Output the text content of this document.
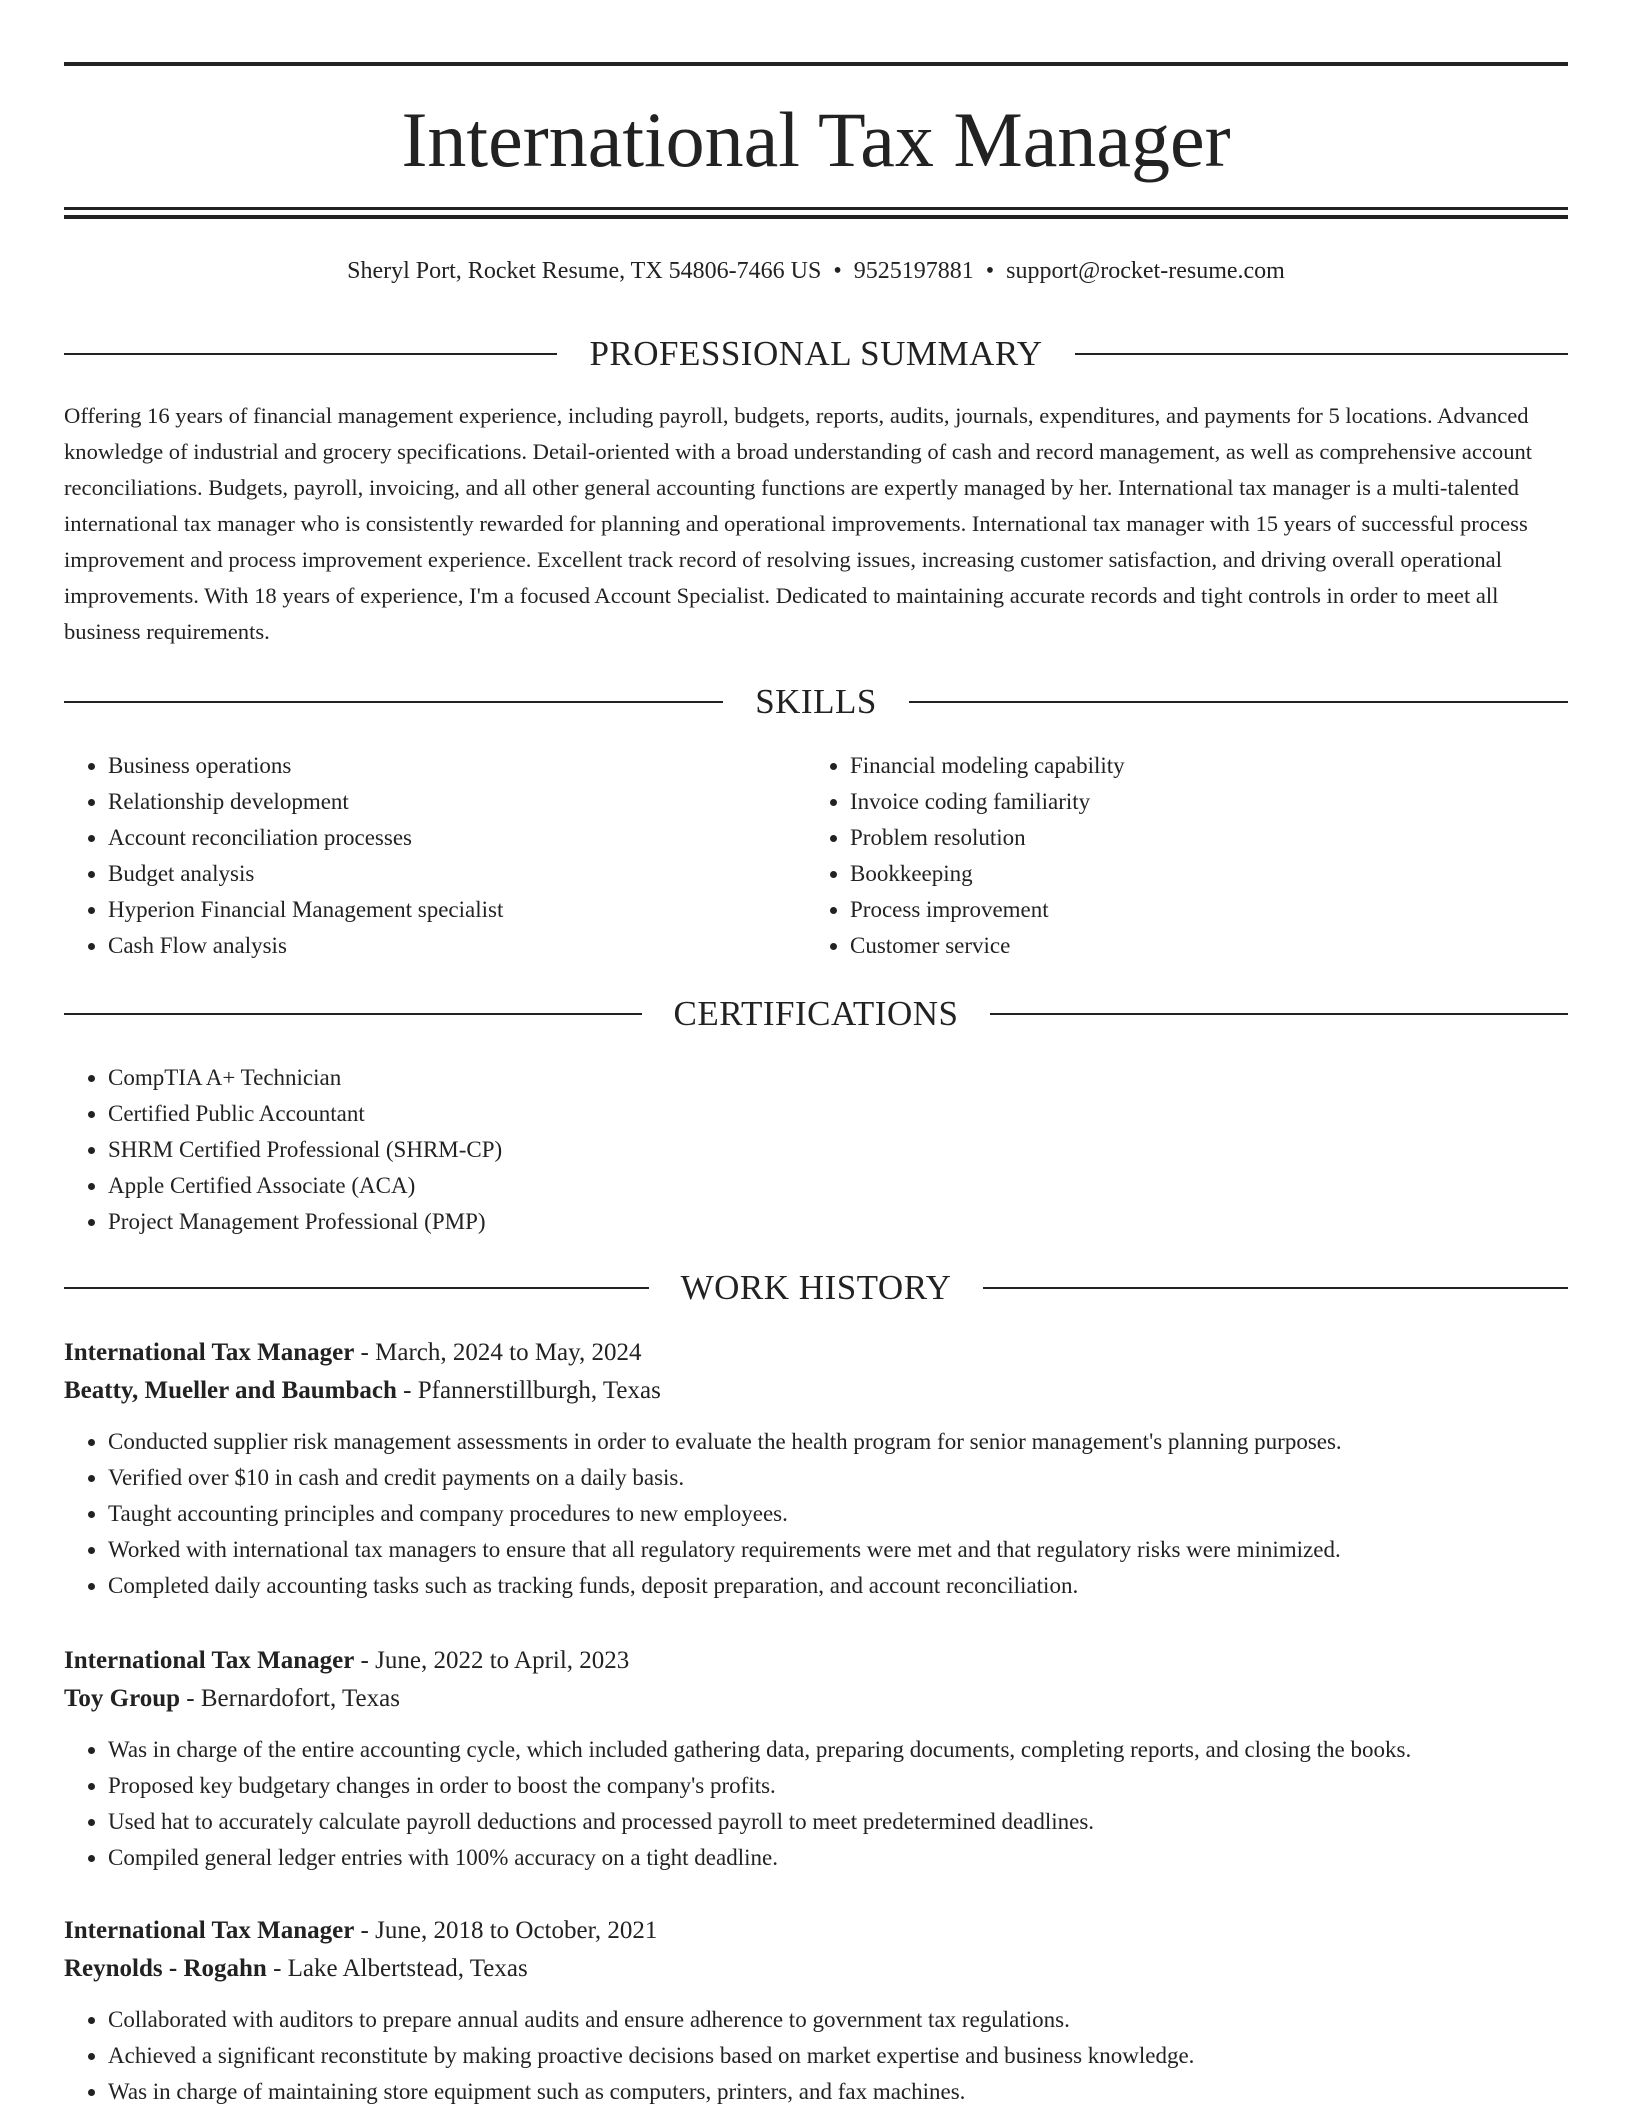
International Tax Manager
Sheryl Port, Rocket Resume, TX 54806-7466 US • 9525197881 • support@rocket-resume.com
PROFESSIONAL SUMMARY

Offering 16 years of financial management experience, including payroll, budgets, reports, audits, journals, expenditures, and payments for 5 locations. Advanced knowledge of industrial and grocery specifications. Detail-oriented with a broad understanding of cash and record management, as well as comprehensive account reconciliations. Budgets, payroll, invoicing, and all other general accounting functions are expertly managed by her. International tax manager is a multi-talented international tax manager who is consistently rewarded for planning and operational improvements. International tax manager with 15 years of successful process improvement and process improvement experience. Excellent track record of resolving issues, increasing customer satisfaction, and driving overall operational improvements. With 18 years of experience, I'm a focused Account Specialist. Dedicated to maintaining accurate records and tight controls in order to meet all business requirements.

SKILLS
• Business operations
• Relationship development
• Account reconciliation processes
• Budget analysis
• Hyperion Financial Management specialist
• Cash Flow analysis
• Financial modeling capability
• Invoice coding familiarity
• Problem resolution
• Bookkeeping
• Process improvement
• Customer service
CERTIFICATIONS
• CompTIA A+ Technician
• Certified Public Accountant
• SHRM Certified Professional (SHRM-CP)
• Apple Certified Associate (ACA)
• Project Management Professional (PMP)
WORK HISTORY
International Tax Manager - March, 2024 to May, 2024
Beatty, Mueller and Baumbach - Pfannerstillburgh, Texas
• Conducted supplier risk management assessments in order to evaluate the health program for senior management's planning purposes.
• Verified over $10 in cash and credit payments on a daily basis.
• Taught accounting principles and company procedures to new employees.
• Worked with international tax managers to ensure that all regulatory requirements were met and that regulatory risks were minimized.
• Completed daily accounting tasks such as tracking funds, deposit preparation, and account reconciliation.
International Tax Manager - June, 2022 to April, 2023
Toy Group - Bernardofort, Texas
• Was in charge of the entire accounting cycle, which included gathering data, preparing documents, completing reports, and closing the books.
• Proposed key budgetary changes in order to boost the company's profits.
• Used hat to accurately calculate payroll deductions and processed payroll to meet predetermined deadlines.
• Compiled general ledger entries with 100% accuracy on a tight deadline.
International Tax Manager - June, 2018 to October, 2021
Reynolds - Rogahn - Lake Albertstead, Texas
• Collaborated with auditors to prepare annual audits and ensure adherence to government tax regulations.
• Achieved a significant reconstitute by making proactive decisions based on market expertise and business knowledge.
• Was in charge of maintaining store equipment such as computers, printers, and fax machines.
